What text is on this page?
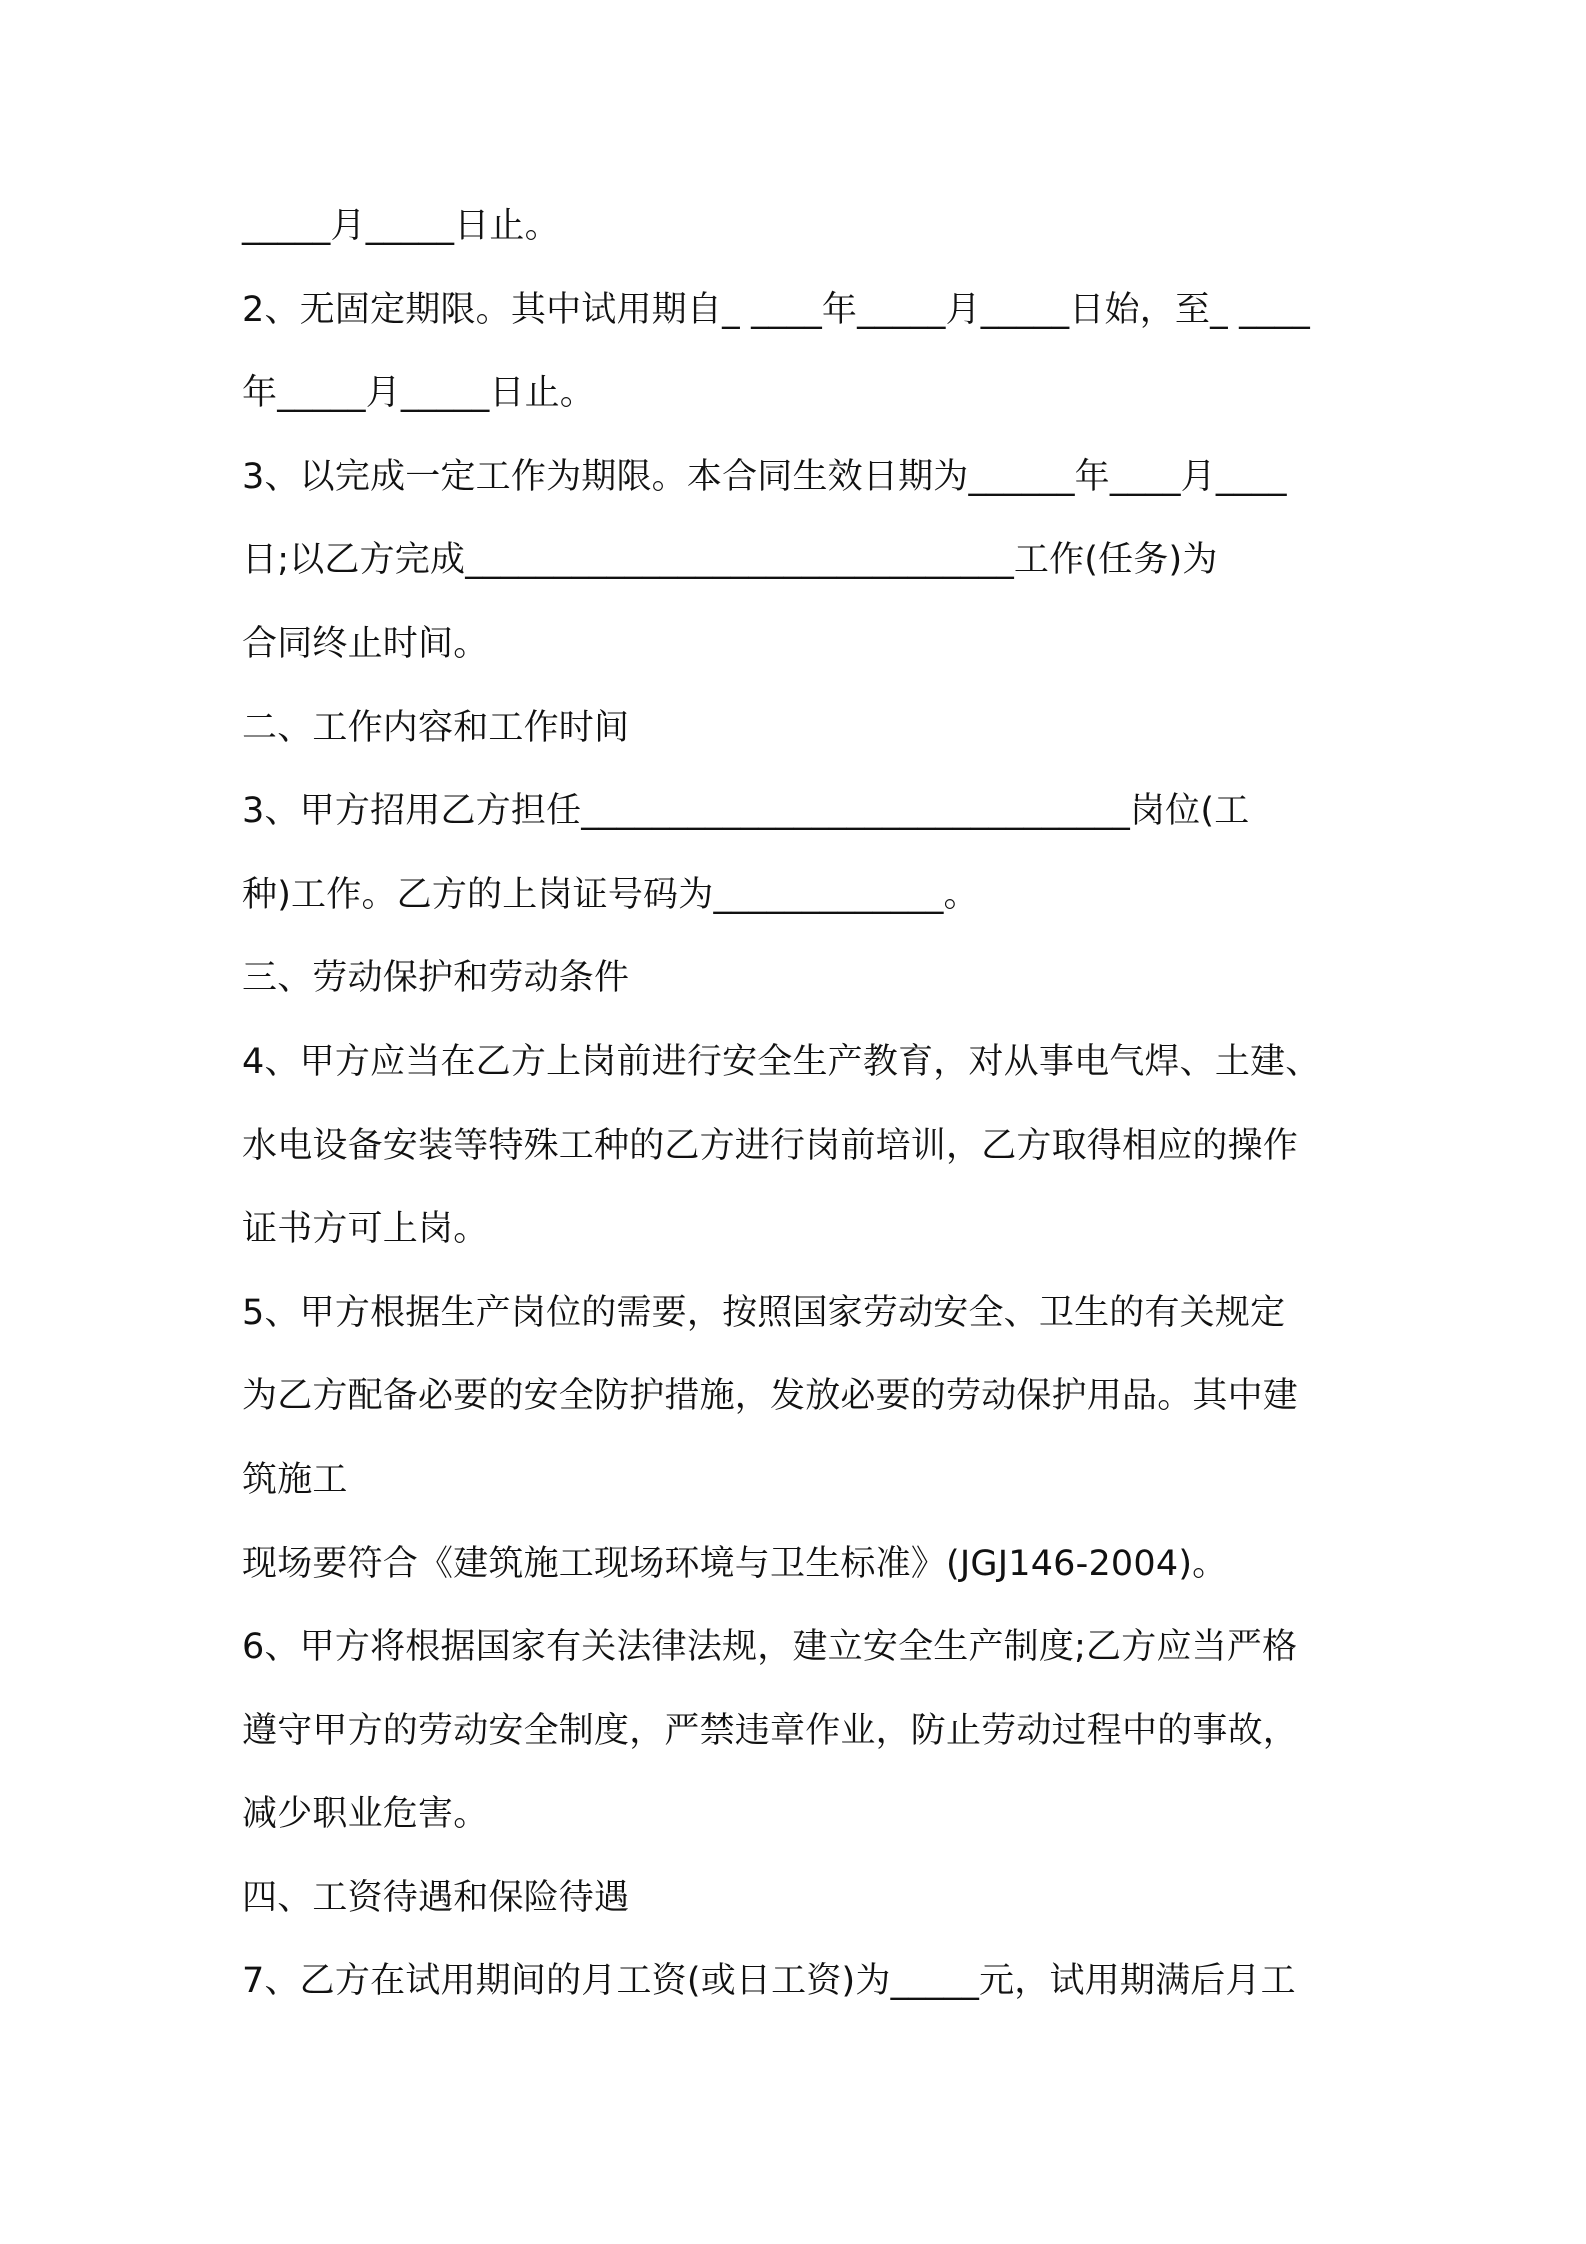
_____月_____日止。
2、无固定期限。其中试用期自_ ____年_____月_____日始，至_ ____
年_____月_____日止。
3、以完成一定工作为期限。本合同生效日期为______年____月____
日;以乙方完成_______________________________工作(任务)为
合同终止时间。
二、工作内容和工作时间
3、甲方招用乙方担任_______________________________岗位(工
种)工作。乙方的上岗证号码为_____________。
三、劳动保护和劳动条件
4、甲方应当在乙方上岗前进行安全生产教育，对从事电气焊、土建、
水电设备安装等特殊工种的乙方进行岗前培训，乙方取得相应的操作
证书方可上岗。
5、甲方根据生产岗位的需要，按照国家劳动安全、卫生的有关规定
为乙方配备必要的安全防护措施，发放必要的劳动保护用品。其中建
筑施工
现场要符合《建筑施工现场环境与卫生标准》(JGJ146-2004)。
6、甲方将根据国家有关法律法规，建立安全生产制度;乙方应当严格
遵守甲方的劳动安全制度，严禁违章作业，防止劳动过程中的事故，
减少职业危害。
四、工资待遇和保险待遇
7、乙方在试用期间的月工资(或日工资)为_____元，试用期满后月工
